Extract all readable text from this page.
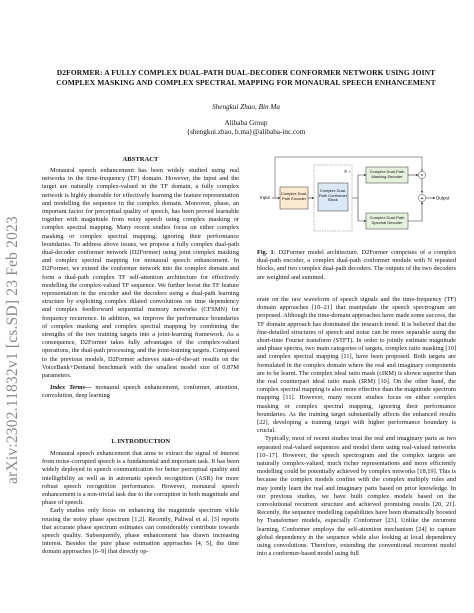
arXiv:2302.11832v1 [cs.SD] 23 Feb 2023
D2FORMER: A FULLY COMPLEX DUAL-PATH DUAL-DECODER CONFORMER NETWORK USING JOINT
COMPLEX MASKING AND COMPLEX SPECTRAL MAPPING FOR MONAURAL SPEECH ENHANCEMENT
Shengkui Zhao, Bin Ma
Alibaba Group
{shengkui.zhao, b.ma}@alibaba-inc.com
ABSTRACT

Monaural speech enhancement has been widely studied using real networks in the time-frequency (TF) domain. However, the input and the target are naturally complex-valued in the TF domain, a fully complex network is highly desirable for effectively learning the feature representation and modelling the sequence in the complex domain. Moreover, phase, an important factor for perceptual quality of speech, has been proved learnable together with magnitude from noisy speech using complex masking or complex spectral mapping. Many recent studies focus on either complex masking or complex spectral mapping, ignoring their performance boundaries. To address above issues, we propose a fully complex dual-path dual-decoder conformer network (D2Former) using joint complex masking and complex spectral mapping for monaural speech enhancement. In D2Former, we extend the conformer network into the complex domain and form a dual-path complex TF self-attention architecture for effectively modelling the complex-valued TF sequence. We further boost the TF feature representation in the encoder and the decoders using a dual-path learning structure by exploiting complex dilated convolutions on time dependency and complex feedforward sequential memory networks (CFSMN) for frequency recurrence. In addition, we improve the performance boundaries of complex masking and complex spectral mapping by combining the strengths of the two training targets into a joint-learning framework. As a consequence, D2Former takes fully advantages of the complex-valued operations, the dual-path processing, and the joint-training targets. Compared to the previous models, D2Former achieves state-of-the-art results on the VoiceBank+Demand benchmark with the smallest model size of 0.87M parameters.

Index Terms— monaural speech enhancement, conformer, attention, convolution, deep learning

1. INTRODUCTION

Monaural speech enhancement that aims to extract the signal of interest from noise-corrupted speech is a fundamental and important task. It has been widely deployed in speech communication for better perceptual quality and intelligibility as well as in automatic speech recognition (ASR) for more robust speech recognition performance. However, monaural speech enhancement is a non-trivial task due to the corruption in both magnitude and phase of speech.

Early studies only focus on enhancing the magnitude spectrum while reusing the noisy phase spectrum [1,2]. Recently, Paliwal et al. [3] reports that accurate phase spectrum estimates can considerably contribute towards speech quality. Subsequently, phase enhancement has drawn increasing interest. Besides the pure phase estimation approaches [4, 5], the time domain approaches [6–9] that directly op-

Input
Complex Dual-Path Encoder
N ×
Complex Dual-Path Conformer Block
Complex Dual-Path Masking Decoder
Complex Dual-Path Spectral Decoder
×
+	Output
Fig. 1: D2Former model architecture. D2Former comprises of a complex dual-path encoder, a complex dual-path conformer module with N repeated blocks, and two complex dual-path decoders. The outputs of the two decoders are weighted and summed.

erate on the raw waveform of speech signals and the time-frequency (TF) domain approaches [10–21] that manipulate the speech spectrogram are proposed. Although the time-domain approaches have made some success, the TF domain approach has dominated the research trend. It is believed that the fine-detailed structures of speech and noise can be more separable using the short-time Fourier transform (STFT). In order to jointly estimate magnitude and phase spectra, two main categories of targets, complex ratio masking [10] and complex spectral mapping [11], have been proposed. Both targets are formulated in the complex domain where the real and imaginary components are to be learnt. The complex ideal ratio mask (cIRM) is shown superior than the real counterpart ideal ratio mask (IRM) [10]. On the other hand, the complex spectral mapping is also more effective than the magnitude spectrum mapping [11]. However, many recent studies focus on either complex masking or complex spectral mapping, ignoring their performance boundaries. As the training target substantially affects the enhanced results [22], developing a training target with higher performance boundary is crucial.

Typically, most of recent studies treat the real and imaginary parts as two separated real-valued sequences and model them using real-valued networks [10–17]. However, the speech spectrogram and the complex targets are naturally complex-valued, much richer representations and more efficiently modelling could be potentially achieved by complex networks [18,19]. This is because the complex models confine with the complex multiply rules and may jointly learn the real and imaginary parts based on prior knowledge. In our previous studies, we have built complex models based on the convolutional recurrent structure and achieved promising results [20, 21]. Recently, the sequence modelling capabilities have been dramatically boosted by Transformer models, especially Conformer [23]. Unlike the recurrent learning, Conformer employs the self-attention mechanism [24] to capture global dependency in the sequence while also looking at local dependency using convolutions. Therefore, extending the conventional recurrent model into a conformer-based model using full
